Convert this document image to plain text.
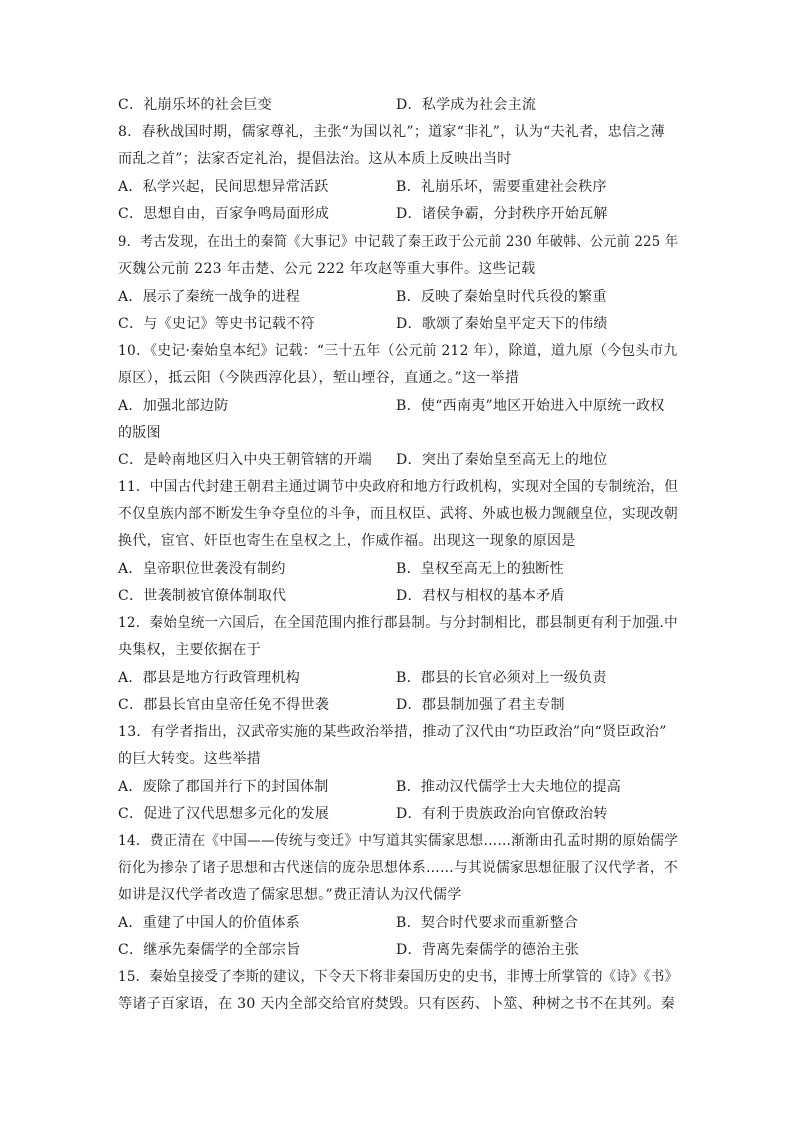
C．礼崩乐坏的社会巨变	D．私学成为社会主流
8．春秋战国时期，儒家尊礼，主张“为国以礼”；道家“非礼”，认为“夫礼者，忠信之薄
而乱之首”；法家否定礼治，提倡法治。这从本质上反映出当时
A．私学兴起，民间思想异常活跃	B．礼崩乐坏，需要重建社会秩序
C．思想自由，百家争鸣局面形成	D．诸侯争霸，分封秩序开始瓦解
9．考古发现，在出土的秦简《大事记》中记载了秦王政于公元前 230 年破韩、公元前 225 年
灭魏公元前 223 年击楚、公元 222 年攻赵等重大事件。这些记载
A．展示了秦统一战争的进程	B．反映了秦始皇时代兵役的繁重
C．与《史记》等史书记载不符	D．歌颂了秦始皇平定天下的伟绩
10．《史记·秦始皇本纪》记载：“三十五年（公元前 212 年），除道，道九原（今包头市九
原区），抵云阳（今陕西淳化县），堑山堙谷，直通之。”这一举措
A．加强北部边防	B．使“西南夷”地区开始进入中原统一政权
的版图
C．是岭南地区归入中央王朝管辖的开端 D．突出了秦始皇至高无上的地位
11．中国古代封建王朝君主通过调节中央政府和地方行政机构，实现对全国的专制统治，但
不仅皇族内部不断发生争夺皇位的斗争，而且权臣、武将、外戚也极力觊觎皇位，实现改朝
换代，宦官、奸臣也寄生在皇权之上，作威作福。出现这一现象的原因是
A．皇帝职位世袭没有制约	B．皇权至高无上的独断性
C．世袭制被官僚体制取代	D．君权与相权的基本矛盾
12．秦始皇统一六国后，在全国范围内推行郡县制。与分封制相比，郡县制更有利于加强.中
央集权，主要依据在于
A．郡县是地方行政管理机构	B．郡县的长官必须对上一级负责
C．郡县长官由皇帝任免不得世袭	D．郡县制加强了君主专制
13．有学者指出，汉武帝实施的某些政治举措，推动了汉代由“功臣政治”向“贤臣政治”
的巨大转变。这些举措
A．废除了郡国并行下的封国体制	B．推动汉代儒学士大夫地位的提高
C．促进了汉代思想多元化的发展	D．有利于贵族政治向官僚政治转
14．费正清在《中国——传统与变迁》中写道其实儒家思想……渐渐由孔孟时期的原始儒学
衍化为掺杂了诸子思想和古代迷信的庞杂思想体系……与其说儒家思想征服了汉代学者，不
如讲是汉代学者改造了儒家思想。”费正清认为汉代儒学
A．重建了中国人的价值体系	B．契合时代要求而重新整合
C．继承先秦儒学的全部宗旨	D．背离先秦儒学的德治主张
15．秦始皇接受了李斯的建议，下令天下将非秦国历史的史书，非博士所掌管的《诗》《书》
等诸子百家语，在 30 天内全部交给官府焚毁。只有医药、卜筮、种树之书不在其列。秦
